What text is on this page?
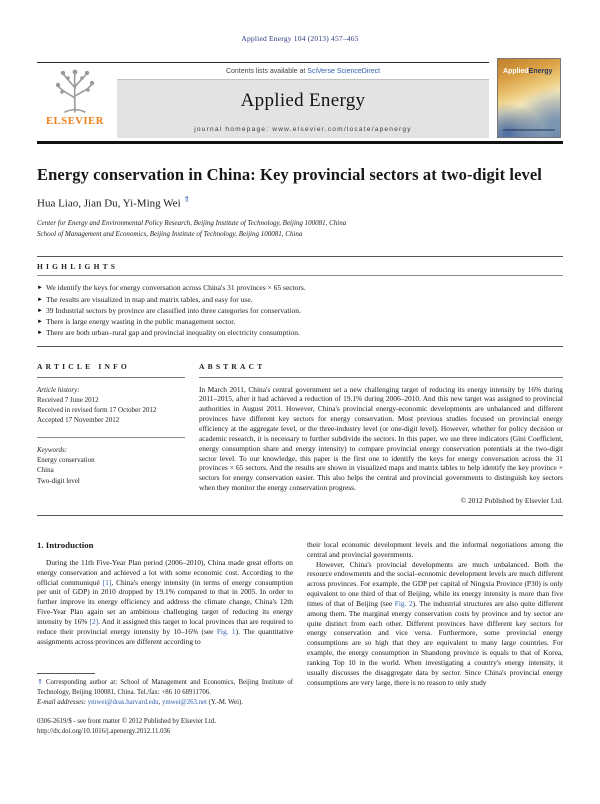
Applied Energy 104 (2013) 457–465
ELSEVIER
Contents lists available at SciVerse ScienceDirect
Applied Energy
journal homepage: www.elsevier.com/locate/apenergy
AppliedEnergy
Energy conservation in China: Key provincial sectors at two-digit level
Hua Liao, Jian Du, Yi-Ming Wei ⇑
Center for Energy and Environmental Policy Research, Beijing Institute of Technology, Beijing 100081, China
School of Management and Economics, Beijing Institute of Technology, Beijing 100081, China
HIGHLIGHTS
► We identify the keys for energy conversation across China's 31 provinces × 65 sectors.
► The results are visualized in map and matrix tables, and easy for use.
► 39 Industrial sectors by province are classified into three categories for conservation.
► There is large energy wasting in the public management sector.
► There are both urban–rural gap and provincial inequality on electricity consumption.
ARTICLE INFO
Article history:
Received 7 June 2012
Received in revised form 17 October 2012
Accepted 17 November 2012
Keywords:
Energy conservation
China
Two-digit level
ABSTRACT

In March 2011, China's central government set a new challenging target of reducing its energy intensity by 16% during 2011–2015, after it had achieved a reduction of 19.1% during 2006–2010. And this new target was assigned to provincial authorities in August 2011. However, China's provincial energy-economic developments are unbalanced and different provinces have different key sectors for energy conservation. Most previous studies focused on provincial energy efficiency at the aggregate level, or the three-industry level (or one-digit level). However, whether for policy decision or academic research, it is necessary to further subdivide the sectors. In this paper, we use three indicators (Gini Coefficient, energy consumption share and energy intensity) to compare provincial energy conservation potentials at the two-digit sector level. To our knowledge, this paper is the first one to identify the keys for energy conversation across the 31 provinces × 65 sectors. And the results are shown in visualized maps and matrix tables to help identify the key province × sectors for energy conservation easier. This also helps the central and provincial governments to distinguish key sectors when they monitor the energy conservation progress.

© 2012 Published by Elsevier Ltd.
1. Introduction

During the 11th Five-Year Plan period (2006–2010), China made great efforts on energy conservation and achieved a lot with some economic cost. According to the official communiqué [1], China's energy intensity (in terms of energy consumption per unit of GDP) in 2010 dropped by 19.1% compared to that in 2005. In order to further improve its energy efficiency and address the climate change, China's 12th Five-Year Plan again set an ambitious challenging target of reducing its energy intensity by 16% [2]. And it assigned this target to local provinces that are required to reduce their provincial energy intensity by 10–16% (see Fig. 1). The quantitative assignments across provinces are different according to

⇑ Corresponding author at: School of Management and Economics, Beijing Institute of Technology, Beijing 100081, China. Tel./fax: +86 10 68911706.

E-mail addresses: ymwei@deas.harvard.edu, ymwei@263.net (Y.-M. Wei).

0306-2619/$ - see front matter © 2012 Published by Elsevier Ltd.

http://dx.doi.org/10.1016/j.apenergy.2012.11.036

their local economic development levels and the informal negotiations among the central and provincial governments.

However, China's provincial developments are much unbalanced. Both the resource endowments and the social–economic development levels are much different across provinces. For example, the GDP per capital of Ningxia Province (P30) is only equivalent to one third of that of Beijing, while its energy intensity is more than five times of that of Beijing (see Fig. 2). The industrial structures are also quite different among them. The marginal energy conservation costs by province and by sector are quite distinct from each other. Different provinces have different key sectors for energy conservation and vice versa. Furthermore, some provincial energy consumptions are so high that they are equivalent to many large countries. For example, the energy consumption in Shandong province is equals to that of Korea, ranking Top 10 in the world. When investigating a country's energy intensity, it usually discusses the disaggregate data by sector. Since China's provincial energy consumptions are very large, there is no reason to only study
